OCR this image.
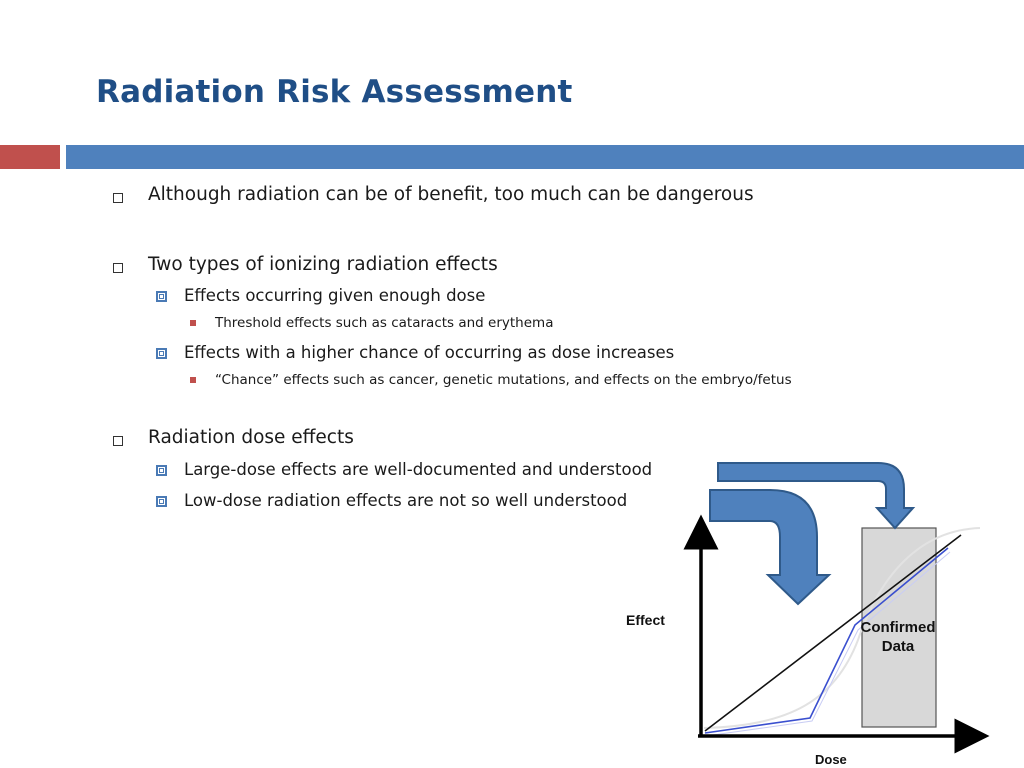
Radiation Risk Assessment
Although radiation can be of benefit, too much can be dangerous
Two types of ionizing radiation effects
Effects occurring given enough dose
Threshold effects such as cataracts and erythema
Effects with a higher chance of occurring as dose increases
“Chance” effects such as cancer, genetic mutations, and effects on the embryo/fetus
Radiation dose effects
Large-dose effects are well-documented and understood
Low-dose radiation effects are not so well understood
Effect
Dose
Confirmed
Data
